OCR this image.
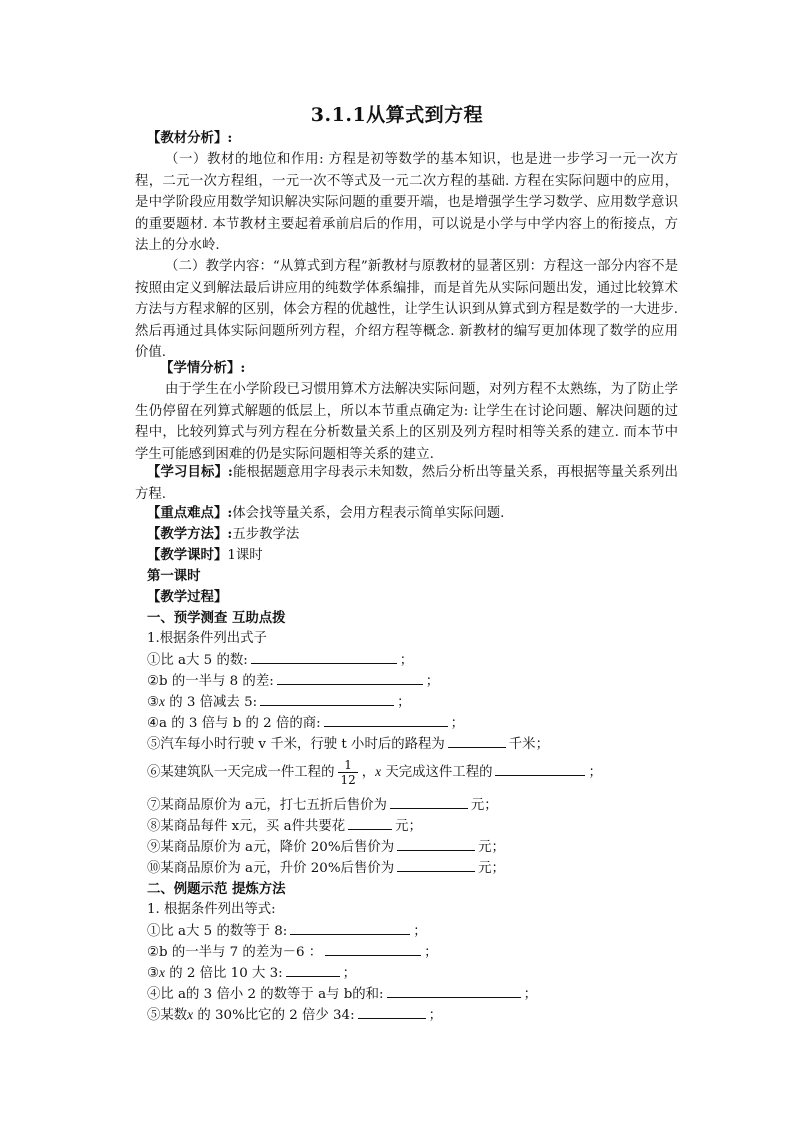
3.1.1从算式到方程
【教材分析】:

（一）教材的地位和作用: 方程是初等数学的基本知识，也是进一步学习一元一次方程，二元一次方程组，一元一次不等式及一元二次方程的基础. 方程在实际问题中的应用，是中学阶段应用数学知识解决实际问题的重要开端，也是增强学生学习数学、应用数学意识的重要题材. 本节教材主要起着承前启后的作用，可以说是小学与中学内容上的衔接点，方法上的分水岭.

（二）教学内容：“从算式到方程”新教材与原教材的显著区别：方程这一部分内容不是按照由定义到解法最后讲应用的纯数学体系编排，而是首先从实际问题出发，通过比较算术方法与方程求解的区别，体会方程的优越性，让学生认识到从算式到方程是数学的一大进步. 然后再通过具体实际问题所列方程，介绍方程等概念. 新教材的编写更加体现了数学的应用价值.

【学情分析】:

由于学生在小学阶段已习惯用算术方法解决实际问题，对列方程不太熟练，为了防止学生仍停留在列算式解题的低层上，所以本节重点确定为: 让学生在讨论问题、解决问题的过程中，比较列算式与列方程在分析数量关系上的区别及列方程时相等关系的建立. 而本节中学生可能感到困难的仍是实际问题相等关系的建立.

【学习目标】:能根据题意用字母表示未知数，然后分析出等量关系，再根据等量关系列出方程.

【重点难点】:体会找等量关系，会用方程表示简单实际问题.
【教学方法】:五步教学法
【教学课时】1课时
第一课时
【教学过程】
一、预学测查 互助点拨
1.根据条件列出式子
①比 a大 5 的数:	；
②b 的一半与 8 的差:	；
③x 的 3 倍减去 5:	；
④a 的 3 倍与 b 的 2 倍的商:	；
⑤汽车每小时行驶 v 千米，行驶 t 小时后的路程为	千米；
⑥某建筑队一天完成一件工程的 $\frac{1}{12}$ ，x 天完成这件工程的	；
⑦某商品原价为 a元，打七五折后售价为	元；
⑧某商品每件 x元，买 a件共要花	元；
⑨某商品原价为 a元，降价 20%后售价为	元；
⑩某商品原价为 a元，升价 20%后售价为	元；
二、例题示范 提炼方法
1. 根据条件列出等式:
①比 a大 5 的数等于 8:	；
②b 的一半与 7 的差为－6 ：	；
③x 的 2 倍比 10 大 3:	；
④比 a的 3 倍小 2 的数等于 a与 b的和:	；
⑤某数x 的 30%比它的 2 倍少 34:	；
